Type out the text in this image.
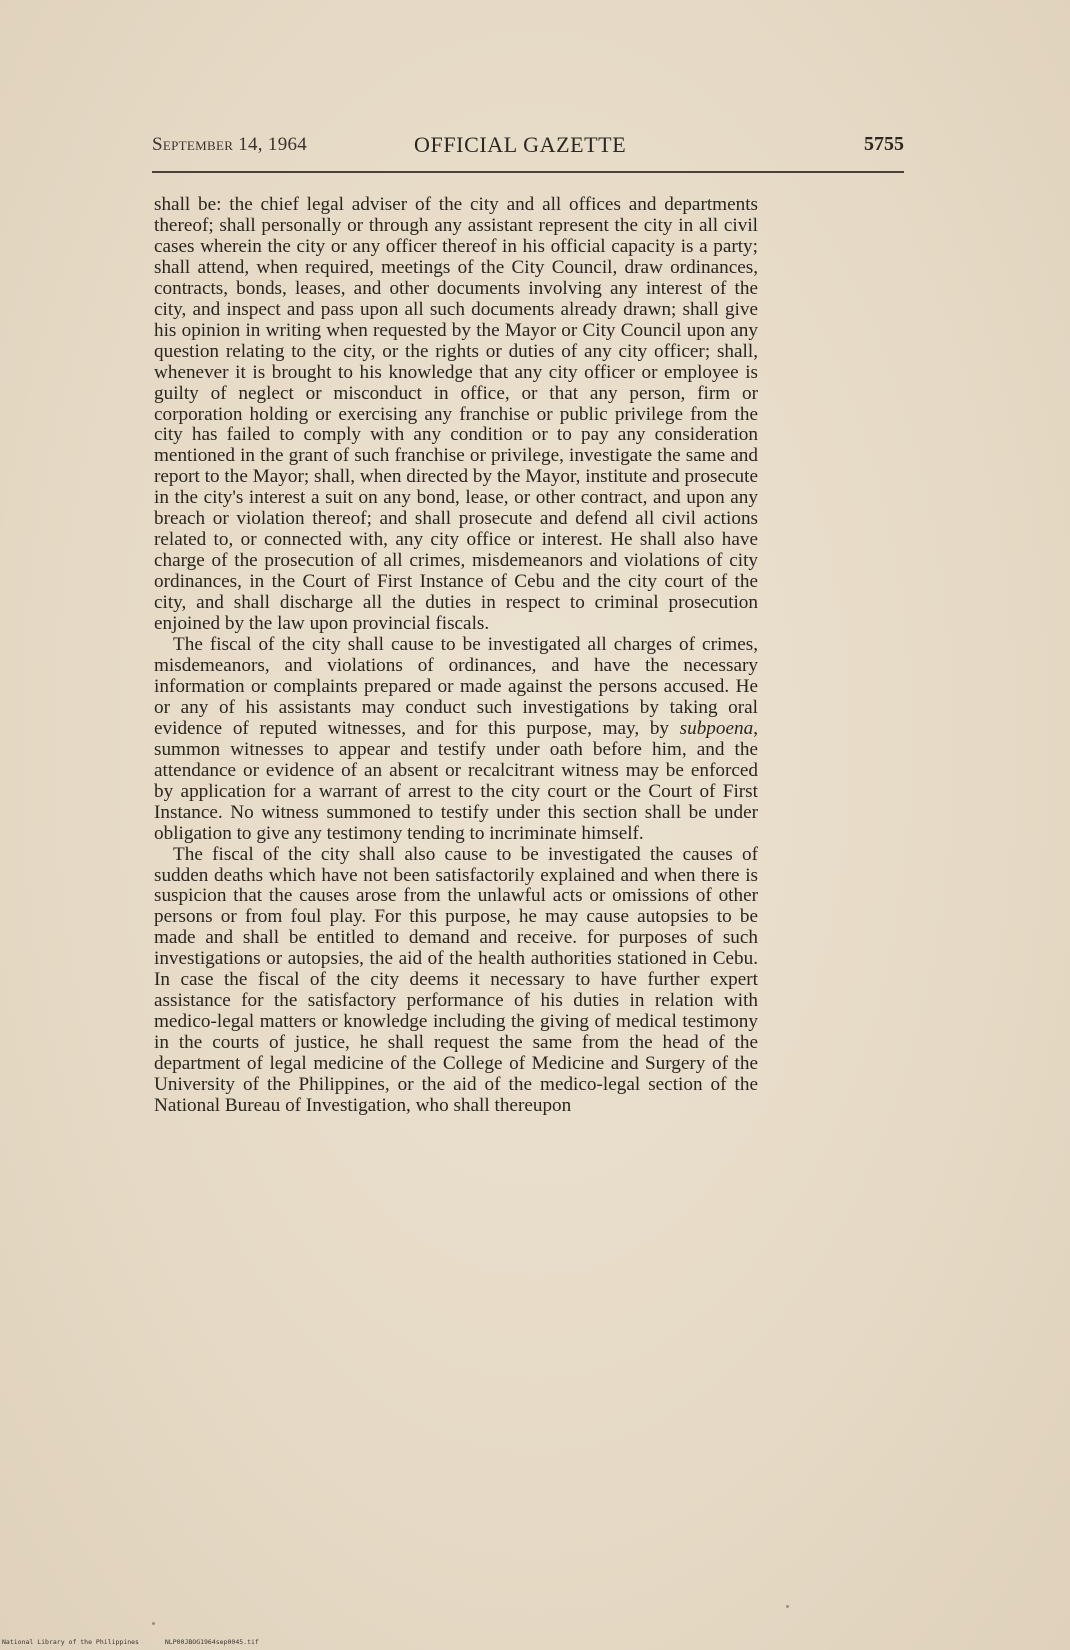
September 14, 1964	OFFICIAL GAZETTE	5755

shall be: the chief legal adviser of the city and all offices and departments thereof; shall personally or through any assistant represent the city in all civil cases wherein the city or any officer thereof in his official capacity is a party; shall attend, when required, meetings of the City Council, draw ordinances, contracts, bonds, leases, and other documents involving any interest of the city, and inspect and pass upon all such documents already drawn; shall give his opinion in writing when requested by the Mayor or City Council upon any question relating to the city, or the rights or duties of any city officer; shall, whenever it is brought to his knowledge that any city officer or employee is guilty of neglect or misconduct in office, or that any person, firm or corporation holding or exercising any franchise or public privilege from the city has failed to comply with any condition or to pay any consideration mentioned in the grant of such franchise or privilege, investigate the same and report to the Mayor; shall, when directed by the Mayor, institute and prosecute in the city's interest a suit on any bond, lease, or other contract, and upon any breach or violation thereof; and shall prosecute and defend all civil actions related to, or connected with, any city office or interest. He shall also have charge of the prosecution of all crimes, misdemeanors and violations of city ordinances, in the Court of First Instance of Cebu and the city court of the city, and shall discharge all the duties in respect to criminal prosecution enjoined by the law upon provincial fiscals.

The fiscal of the city shall cause to be investigated all charges of crimes, misdemeanors, and violations of ordinances, and have the necessary information or complaints prepared or made against the persons accused. He or any of his assistants may conduct such investigations by taking oral evidence of reputed witnesses, and for this purpose, may, by subpoena, summon witnesses to appear and testify under oath before him, and the attendance or evidence of an absent or recalcitrant witness may be enforced by application for a warrant of arrest to the city court or the Court of First Instance. No witness summoned to testify under this section shall be under obligation to give any testimony tending to incriminate himself.

The fiscal of the city shall also cause to be investigated the causes of sudden deaths which have not been satisfactorily explained and when there is suspicion that the causes arose from the unlawful acts or omissions of other persons or from foul play. For this purpose, he may cause autopsies to be made and shall be entitled to demand and receive. for purposes of such investigations or autopsies, the aid of the health authorities stationed in Cebu. In case the fiscal of the city deems it necessary to have further expert assistance for the satisfactory performance of his duties in relation with medico-legal matters or knowledge including the giving of medical testimony in the courts of justice, he shall request the same from the head of the department of legal medicine of the College of Medicine and Surgery of the University of the Philippines, or the aid of the medico-legal section of the National Bureau of Investigation, who shall thereupon

National Library of the Philippines	NLP00JBOG1964sep0045.tif
